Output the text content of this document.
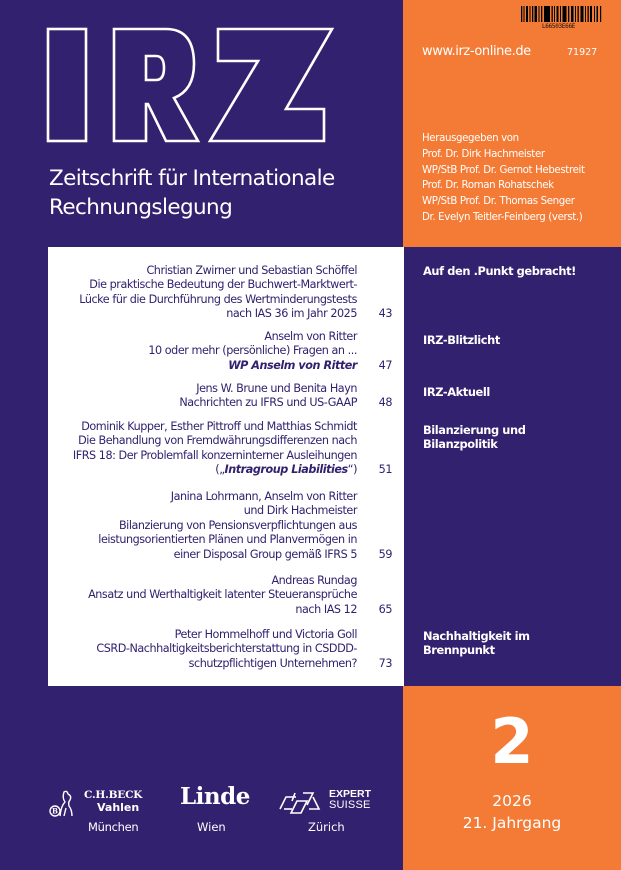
Zeitschrift für Internationale
Rechnungslegung
L66503E66E
www.irz-online.de	71927
Herausgegeben von
Prof. Dr. Dirk Hachmeister
WP/StB Prof. Dr. Gernot Hebestreit
Prof. Dr. Roman Rohatschek
WP/StB Prof. Dr. Thomas Senger
Dr. Evelyn Teitler-Feinberg (verst.)
Christian Zwirner und Sebastian Schöffel
Die praktische Bedeutung der Buchwert-Marktwert-
Lücke für die Durchführung des Wertminderungstests
nach IAS 36 im Jahr 2025 43
Anselm von Ritter
10 oder mehr (persönliche) Fragen an ...
WP Anselm von Ritter 47
Jens W. Brune und Benita Hayn
Nachrichten zu IFRS und US-GAAP 48
Dominik Kupper, Esther Pittroff und Matthias Schmidt
Die Behandlung von Fremdwährungsdifferenzen nach
IFRS 18: Der Problemfall konzerninterner Ausleihungen
(„Intragroup Liabilities“) 51
Janina Lohrmann, Anselm von Ritter
und Dirk Hachmeister
Bilanzierung von Pensionsverpflichtungen aus
leistungsorientierten Plänen und Planvermögen in
einer Disposal Group gemäß IFRS 5 59
Andreas Rundag
Ansatz und Werthaltigkeit latenter Steueransprüche
nach IAS 12 65
Peter Hommelhoff und Victoria Goll
CSRD-Nachhaltigkeitsberichterstattung in CSDDD-
schutzpflichtigen Unternehmen? 73
Auf den .Punkt gebracht!
IRZ-Blitzlicht
IRZ-Aktuell
Bilanzierung und
Bilanzpolitik
Nachhaltigkeit im
Brennpunkt
2
2026
21. Jahrgang
B
C.H.BECK
Vahlen
München
Linde
Wien
EXPERT
SUISSE
Zürich
